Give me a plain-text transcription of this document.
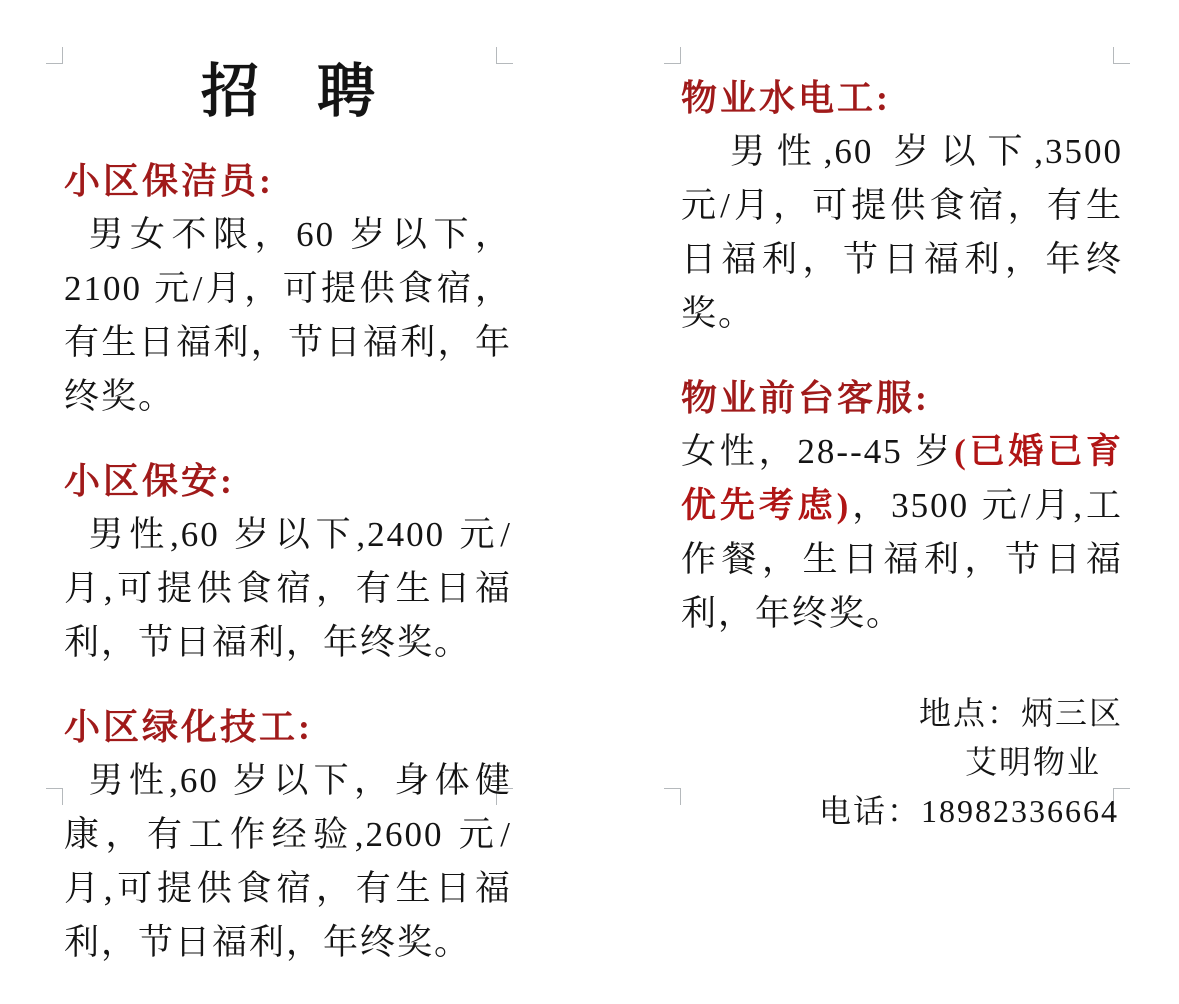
招    聘
小区保洁员:

男女不限，60 岁以下，2100 元/月，可提供食宿，有生日福利，节日福利，年终奖。

小区保安:

男性,60 岁以下,2400 元/月,可提供食宿，有生日福利，节日福利，年终奖。

小区绿化技工:

男性,60 岁以下，身体健康，有工作经验,2600 元/月,可提供食宿，有生日福利，节日福利，年终奖。

物业水电工:

男性,60 岁以下,3500 元/月，可提供食宿，有生日福利，节日福利，年终奖。

物业前台客服:

女性，28--45 岁(已婚已育优先考虑)，3500 元/月,工作餐，生日福利，节日福利，年终奖。

地点：炳三区
艾明物业
电话：18982336664
